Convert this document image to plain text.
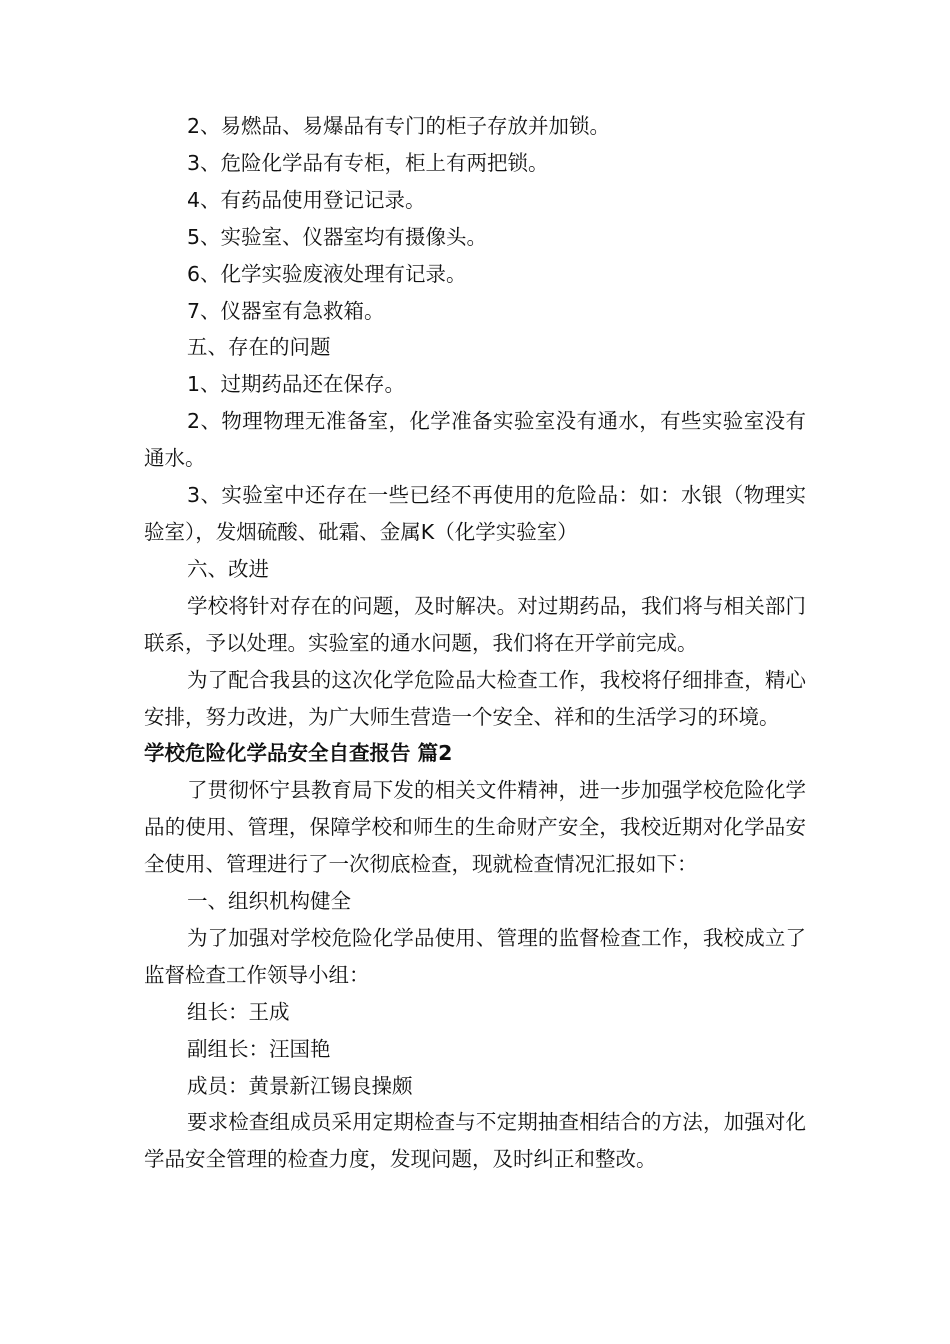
2、易燃品、易爆品有专门的柜子存放并加锁。

3、危险化学品有专柜，柜上有两把锁。

4、有药品使用登记记录。

5、实验室、仪器室均有摄像头。

6、化学实验废液处理有记录。

7、仪器室有急救箱。

五、存在的问题

1、过期药品还在保存。

2、物理物理无准备室，化学准备实验室没有通水，有些实验室没有通水。

3、实验室中还存在一些已经不再使用的危险品：如：水银（物理实验室），发烟硫酸、砒霜、金属K（化学实验室）

六、改进

学校将针对存在的问题，及时解决。对过期药品，我们将与相关部门联系，予以处理。实验室的通水问题，我们将在开学前完成。

为了配合我县的这次化学危险品大检查工作，我校将仔细排查，精心安排，努力改进，为广大师生营造一个安全、祥和的生活学习的环境。

学校危险化学品安全自查报告 篇2

了贯彻怀宁县教育局下发的相关文件精神，进一步加强学校危险化学品的使用、管理，保障学校和师生的生命财产安全，我校近期对化学品安全使用、管理进行了一次彻底检查，现就检查情况汇报如下：

一、组织机构健全

为了加强对学校危险化学品使用、管理的监督检查工作，我校成立了监督检查工作领导小组：

组长：王成

副组长：汪国艳

成员：黄景新江锡良操颇

要求检查组成员采用定期检查与不定期抽查相结合的方法，加强对化学品安全管理的检查力度，发现问题，及时纠正和整改。
